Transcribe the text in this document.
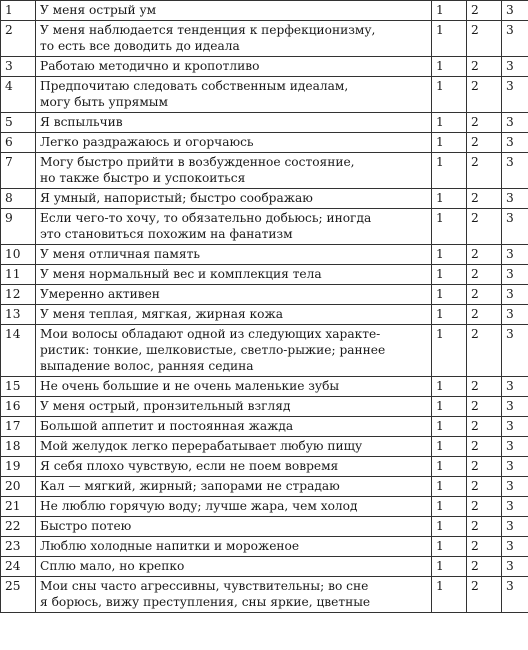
1	У меня острый ум	1	2	3
2	У меня наблюдается тенденция к перфекционизму,
то есть все доводить до идеала	1	2	3
3	Работаю методично и кропотливо	1	2	3
4	Предпочитаю следовать собственным идеалам,
могу быть упрямым	1	2	3
5	Я вспыльчив	1	2	3
6	Легко раздражаюсь и огорчаюсь	1	2	3
7	Могу быстро прийти в возбужденное состояние,
но также быстро и успокоиться	1	2	3
8	Я умный, напористый; быстро соображаю	1	2	3
9	Если чего-то хочу, то обязательно добьюсь; иногда
это становиться похожим на фанатизм	1	2	3
10	У меня отличная память	1	2	3
11	У меня нормальный вес и комплекция тела	1	2	3
12	Умеренно активен	1	2	3
13	У меня теплая, мягкая, жирная кожа	1	2	3
14	Мои волосы обладают одной из следующих характе-
ристик: тонкие, шелковистые, светло-рыжие; раннее
выпадение волос, ранняя седина	1	2	3
15	Не очень большие и не очень маленькие зубы	1	2	3
16	У меня острый, пронзительный взгляд	1	2	3
17	Большой аппетит и постоянная жажда	1	2	3
18	Мой желудок легко перерабатывает любую пищу	1	2	3
19	Я себя плохо чувствую, если не поем вовремя	1	2	3
20	Кал — мягкий, жирный; запорами не страдаю	1	2	3
21	Не люблю горячую воду; лучше жара, чем холод	1	2	3
22	Быстро потею	1	2	3
23	Люблю холодные напитки и мороженое	1	2	3
24	Сплю мало, но крепко	1	2	3
25	Мои сны часто агрессивны, чувствительны; во сне
я борюсь, вижу преступления, сны яркие, цветные	1	2	3
